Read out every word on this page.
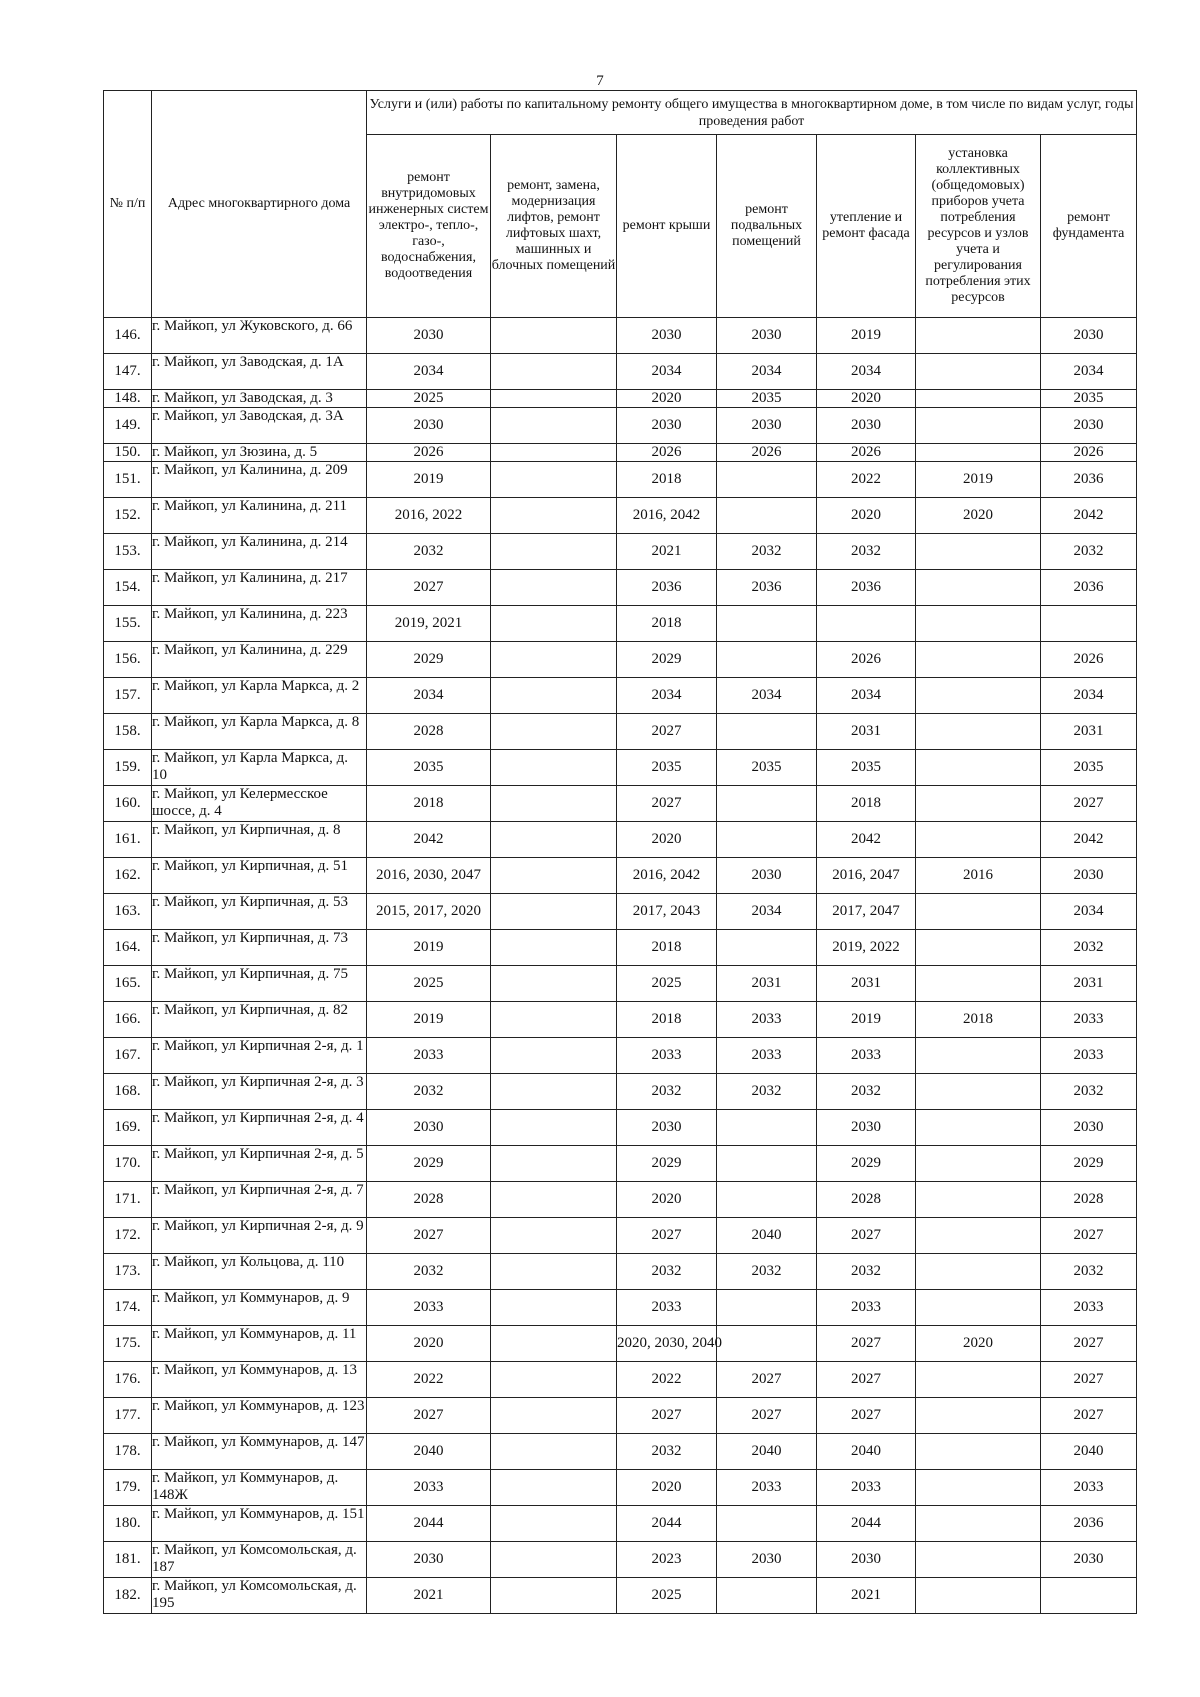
7
№ п/п	Адрес многоквартирного дома	Услуги и (или) работы по капитальному ремонту общего имущества в многоквартирном доме, в том числе по видам услуг, годы проведения работ						
		ремонт внутридомовых инженерных систем электро-, тепло-, газо-, водоснабжения, водоотведения	ремонт, замена, модернизация лифтов, ремонт лифтовых шахт, машинных и блочных помещений	ремонт крыши	ремонт подвальных помещений	утепление и ремонт фасада	установка коллективных (общедомовых) приборов учета потребления ресурсов и узлов учета и регулирования потребления этих ресурсов	ремонт фундамента
146.	г. Майкоп, ул Жуковского, д. 66	2030		2030	2030	2019		2030
147.	г. Майкоп, ул Заводская, д. 1А	2034		2034	2034	2034		2034
148.	г. Майкоп, ул Заводская, д. 3	2025		2020	2035	2020		2035
149.	г. Майкоп, ул Заводская, д. 3А	2030		2030	2030	2030		2030
150.	г. Майкоп, ул Зюзина, д. 5	2026		2026	2026	2026		2026
151.	г. Майкоп, ул Калинина, д. 209	2019		2018		2022	2019	2036
152.	г. Майкоп, ул Калинина, д. 211	2016, 2022		2016, 2042		2020	2020	2042
153.	г. Майкоп, ул Калинина, д. 214	2032		2021	2032	2032		2032
154.	г. Майкоп, ул Калинина, д. 217	2027		2036	2036	2036		2036
155.	г. Майкоп, ул Калинина, д. 223	2019, 2021		2018				
156.	г. Майкоп, ул Калинина, д. 229	2029		2029		2026		2026
157.	г. Майкоп, ул Карла Маркса, д. 2	2034		2034	2034	2034		2034
158.	г. Майкоп, ул Карла Маркса, д. 8	2028		2027		2031		2031
159.	г. Майкоп, ул Карла Маркса, д. 10	2035		2035	2035	2035		2035
160.	г. Майкоп, ул Келермесское шоссе, д. 4	2018		2027		2018		2027
161.	г. Майкоп, ул Кирпичная, д. 8	2042		2020		2042		2042
162.	г. Майкоп, ул Кирпичная, д. 51	2016, 2030, 2047		2016, 2042	2030	2016, 2047	2016	2030
163.	г. Майкоп, ул Кирпичная, д. 53	2015, 2017, 2020		2017, 2043	2034	2017, 2047		2034
164.	г. Майкоп, ул Кирпичная, д. 73	2019		2018		2019, 2022		2032
165.	г. Майкоп, ул Кирпичная, д. 75	2025		2025	2031	2031		2031
166.	г. Майкоп, ул Кирпичная, д. 82	2019		2018	2033	2019	2018	2033
167.	г. Майкоп, ул Кирпичная 2-я, д. 1	2033		2033	2033	2033		2033
168.	г. Майкоп, ул Кирпичная 2-я, д. 3	2032		2032	2032	2032		2032
169.	г. Майкоп, ул Кирпичная 2-я, д. 4	2030		2030		2030		2030
170.	г. Майкоп, ул Кирпичная 2-я, д. 5	2029		2029		2029		2029
171.	г. Майкоп, ул Кирпичная 2-я, д. 7	2028		2020		2028		2028
172.	г. Майкоп, ул Кирпичная 2-я, д. 9	2027		2027	2040	2027		2027
173.	г. Майкоп, ул Кольцова, д. 110	2032		2032	2032	2032		2032
174.	г. Майкоп, ул Коммунаров, д. 9	2033		2033		2033		2033
175.	г. Майкоп, ул Коммунаров, д. 11	2020		2020, 2030, 2040		2027	2020	2027
176.	г. Майкоп, ул Коммунаров, д. 13	2022		2022	2027	2027		2027
177.	г. Майкоп, ул Коммунаров, д. 123	2027		2027	2027	2027		2027
178.	г. Майкоп, ул Коммунаров, д. 147	2040		2032	2040	2040		2040
179.	г. Майкоп, ул Коммунаров, д. 148Ж	2033		2020	2033	2033		2033
180.	г. Майкоп, ул Коммунаров, д. 151	2044		2044		2044		2036
181.	г. Майкоп, ул Комсомольская, д. 187	2030		2023	2030	2030		2030
182.	г. Майкоп, ул Комсомольская, д. 195	2021		2025		2021		
